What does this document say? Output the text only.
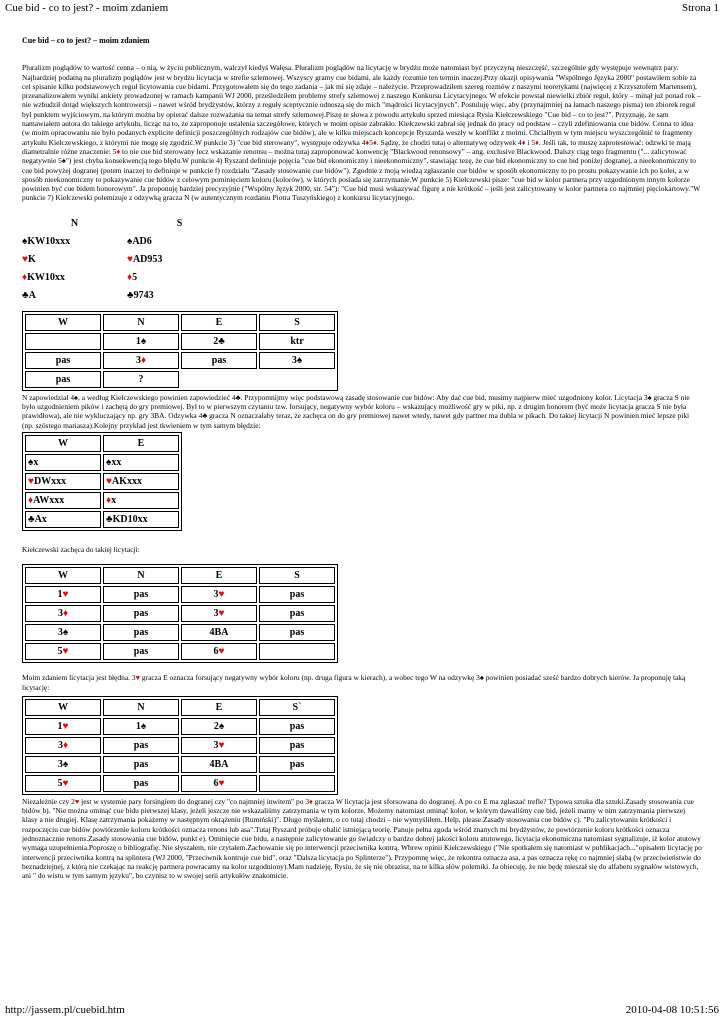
Cue bid - co to jest? - moim zdaniem	Strona 1
Cue bid – co to jest? – moim zdaniem

Pluralizm poglądów to wartość cenna – o nią, w życiu publicznym, walczył kiedyś Wałęsa. Pluralizm poglądów na licytację w brydżu może natomiast być przyczyną nieszczęść, szczególnie gdy występuje wewnątrz pary. Najbardziej podatną na pluralizm poglądów jest w brydżu licytacja w strefie szlemowej. Wszyscy gramy cue bidami, ale każdy rozumie ten termin inaczej.Przy okazji opisywania "Wspólnego Języka 2000" postawiłem sobie za cel spisanie kilku podstawowych reguł licytowania cue bidami. Przygotowałem się do tego zadania – jak mi się zdaje – należycie. Przeprowadziłem szereg rozmów z naszymi teoretykami (najwięcej z Krzysztofem Martensem), przeanalizowałem wyniki ankiety prowadzonej w ramach kampanii WJ 2000, prześledziłem problemy strefy szlemowej z naszego Konkursu Licytacyjnego. W efekcie powstał niewielki zbiór reguł, który – minął już ponad rok – nie wzbudził dotąd większych kontrowersji – nawet wśród brydżystów, którzy z reguły sceptycznie odnoszą się do mich "mądrości licytacyjnych". Postuluję więc, aby (przynajmniej na łamach naszego pisma) ten zbiorek reguł był punktem wyjściowym, na którym można by opierać dalsze rozważania na temat strefy szlemowej.Piszę te słowa z powodu artykułu sprzed miesiąca Rysia Kiełczewskiego "Cue bid – co to jest?". Przyznaję, że sam namawiałem autora do takiego artykułu, licząc na to, że zaproponuje ustalenia szczegółowe, których w moim opisie zabrakło. Kiełczewski zabrał się jednak do pracy od podstaw – czyli zdefiniowania cue bidów. Cenna to idea (w moim opracowaniu nie było podanych explicite definicji poszczególnych rodzajów cue bidów), ale w kilku miejscach koncepcje Ryszarda weszły w konflikt z moimi. Chciałbym w tym miejscu wyszczególnić te fragmenty artykułu Kiełczewskiego, z którymi nie mogę się zgodzić.W punkcie 3) "cue bid sterowany", występuje odzywka 4♦5♦. Sądzę, że chodzi tutaj o alternatywę odzywek 4♦ i 5♦. Jeśli tak, to muszę zaprotestować: odzwki te mają diametralnie różne znaczenie: 5♦ to nie cue bid sterowany lecz wskazanie renonsu – można tutaj zaproponować konwencję "Blackwood renonsowy" – ang. exclusive Blackwood. Dalszy ciąg tego fragmentu ("... zalicytować negatywnie 5♠") jest chyba konsekwencją tego błędu.W punkcie 4) Ryszard definiuje pojęcia "cue bid ekonomiczny i nieekonomiczny", stawiając tezę, że cue bid ekonomiczny to cue bid poniżej dogranej, a nieekonomiczny to cue bid powyżej dogranej (potem inaczej to definiuje w punkcie f) rozdziału "Zasady stosowanie cue bidów"). Zgodnie z moją wiedzą zgłaszanie cue bidów w sposób ekonomiczny to po prostu pokazywanie ich po kolei, a w sposób nieekonomiczny to pokazywanie cue bidów z celowym pominięciem koloru (kolorów), w których posiada się zatrzymanie.W punkcie 5) Kiełczewski pisze: "cue bid w kolor partnera przy uzgodnionym innym kolorze powinien być cue bidem honorowym". Ja proponuję bardziej precyzyjnie ("Wspólny Język 2000, str. 54"): "Cue bid musi wskazywać figurę a nie krótkość – jeśli jest zalicytowany w kolor partnera co najmniej pięciokartowy."W punkcie 7) Kiełczewski polemizuje z odzywką gracza N (w autentycznym rozdaniu Piotra Tuszyńskiego) z konkursu licytacyjnego.

N	S
♠KW10xxx	♠AD6
♥K	♥AD953
♦KW10xx	♦5
♣A	♣9743
W	N	E	S
	1♠	2♣	ktr
pas	3♦	pas	3♠
pas	?		

N zapowiedział 4♠, a według Kiełczewskiego powinien zapowiedzieć 4♣. Przypomnijmy więc podstawową zasadę stosowanie cue bidów: Aby dać cue bid, musimy najpierw mieć uzgodniony kolor. Licytacja 3♠ gracza S nie było uzgodnieniem pików i zachętą do gry premiowej. Był to w pierwszym czytaniu tzw. forsujący, negatywny wybór koloru – wskazujący możliwość gry w piki, np. z drugim honorem (być może licytacja gracza S nie była prawidłowa), ale nie wykluczający np. gry 3BA. Odzywka 4♣ gracza N oznaczałaby teraz, że zachęca on do gry premiowej nawet wtedy, nawet gdy partner ma dubla w pikach. Do takiej licytacji N powinien mieć lepsze piki (np. szóstego mariasza).Kolejny przykład jest tkwieniem w tym samym błędzie:

W	E
♠x	♠xx
♥DWxxx	♥AKxxx
♦AWxxx	♦x
♣Ax	♣KD10xx

Kiełczewski zachęca do takiej licytacji:

W	N	E	S
1♥	pas	3♥	pas
3♦	pas	3♥	pas
3♠	pas	4BA	pas
5♥	pas	6♥	

Moim zdaniem licytacja jest błędna. 3♥ gracza E oznacza forsujący negatywny wybór koloru (np. druga figura w kierach), a wobec tego W na odzywkę 3♠ powinien posiadać sześć bardzo dobrych kierów. Ja proponuję taką licytację:

W	N	E	S`
1♥	1♠	2♠	pas
3♦	pas	3♥	pas
3♠	pas	4BA	pas
5♥	pas	6♥	

Niezależnie czy 2♥ jest w systemie pary forsingiem do dogranej czy "co najmniej inwitem" po 3♦ gracza W licytacja jest sforsowana do dogranej. A po co E ma zgłaszać trefle? Typowa sztuka dla sztuki.Zasady stosowania cue bidów b). "Nie można ominąć cue bidu pierwszej klasy, jeżeli jeszcze nie wskazaliśmy zatrzymania w tym kolorze. Możemy natomiast ominąć kolor, w którym dawaliśmy cue bid, jeżeli mamy w nim zatrzymania pierwszej klasy a nie drugiej. Klasę zatrzymania pokażemy w następnym okrążeniu (Rumiński)". Długo myślałem, o co tutaj chodzi – nie wymyśliłem. Help, please.Zasady stosowania cue bidów c). "Po zalicytowaniu krótkości i rozpoczęciu cue bidów powtórzenie koloru krótkości oznacza renons lub asa".Tutaj Ryszard próbuje obalić istniejącą teorię. Panuje pełna zgoda wśród znanych mi brydżystów, że powtórzenie koloru krótkości oznacza jednoznacznie renons.Zasady stosowania cue bidów, punkt e). Ominięcie cue bidu, a następnie zalicytowanie go świadczy o bardzo dobrej jakości koloru atutowego, licytacja ekonomiczna natomiast sygnalizuje, iż kolor atutowy wymaga uzupełnienia.Poproszę o bibliografię. Nie słyszałem, nie czytałem.Zachowanie się po interwencji przeciwnika kontrą. Wbrew opinii Kiełczewskiego ("Nie spotkałem się natomiast w publikacjach..."opisałem licytację po interwencji przeciwnika kontrą na splintera (WJ 2000, "Przeciwnik kontruje cue bid", oraz "Dalsza licytacja po Splinterze"). Przypomnę więc, że rekontra oznacza asa, a pas oznacza rękę co najmniej słabą (w przeciwieństwie do beznadziejnej, z którą nie czekając na reakcję partnera powracamy na kolor uzgodniony).Mam nadzieję, Rysiu, że się nie obrazisz, na te kilka słów polemiki. Ja obiecuję, że nie będę mieszał się do alfabetu sygnałów wistowych, ani " do wistu w tym samym języku", bo czynisz to w swojej serii artykułów znakomicie.

http://jassem.pl/cuebid.htm	2010-04-08 10:51:56
